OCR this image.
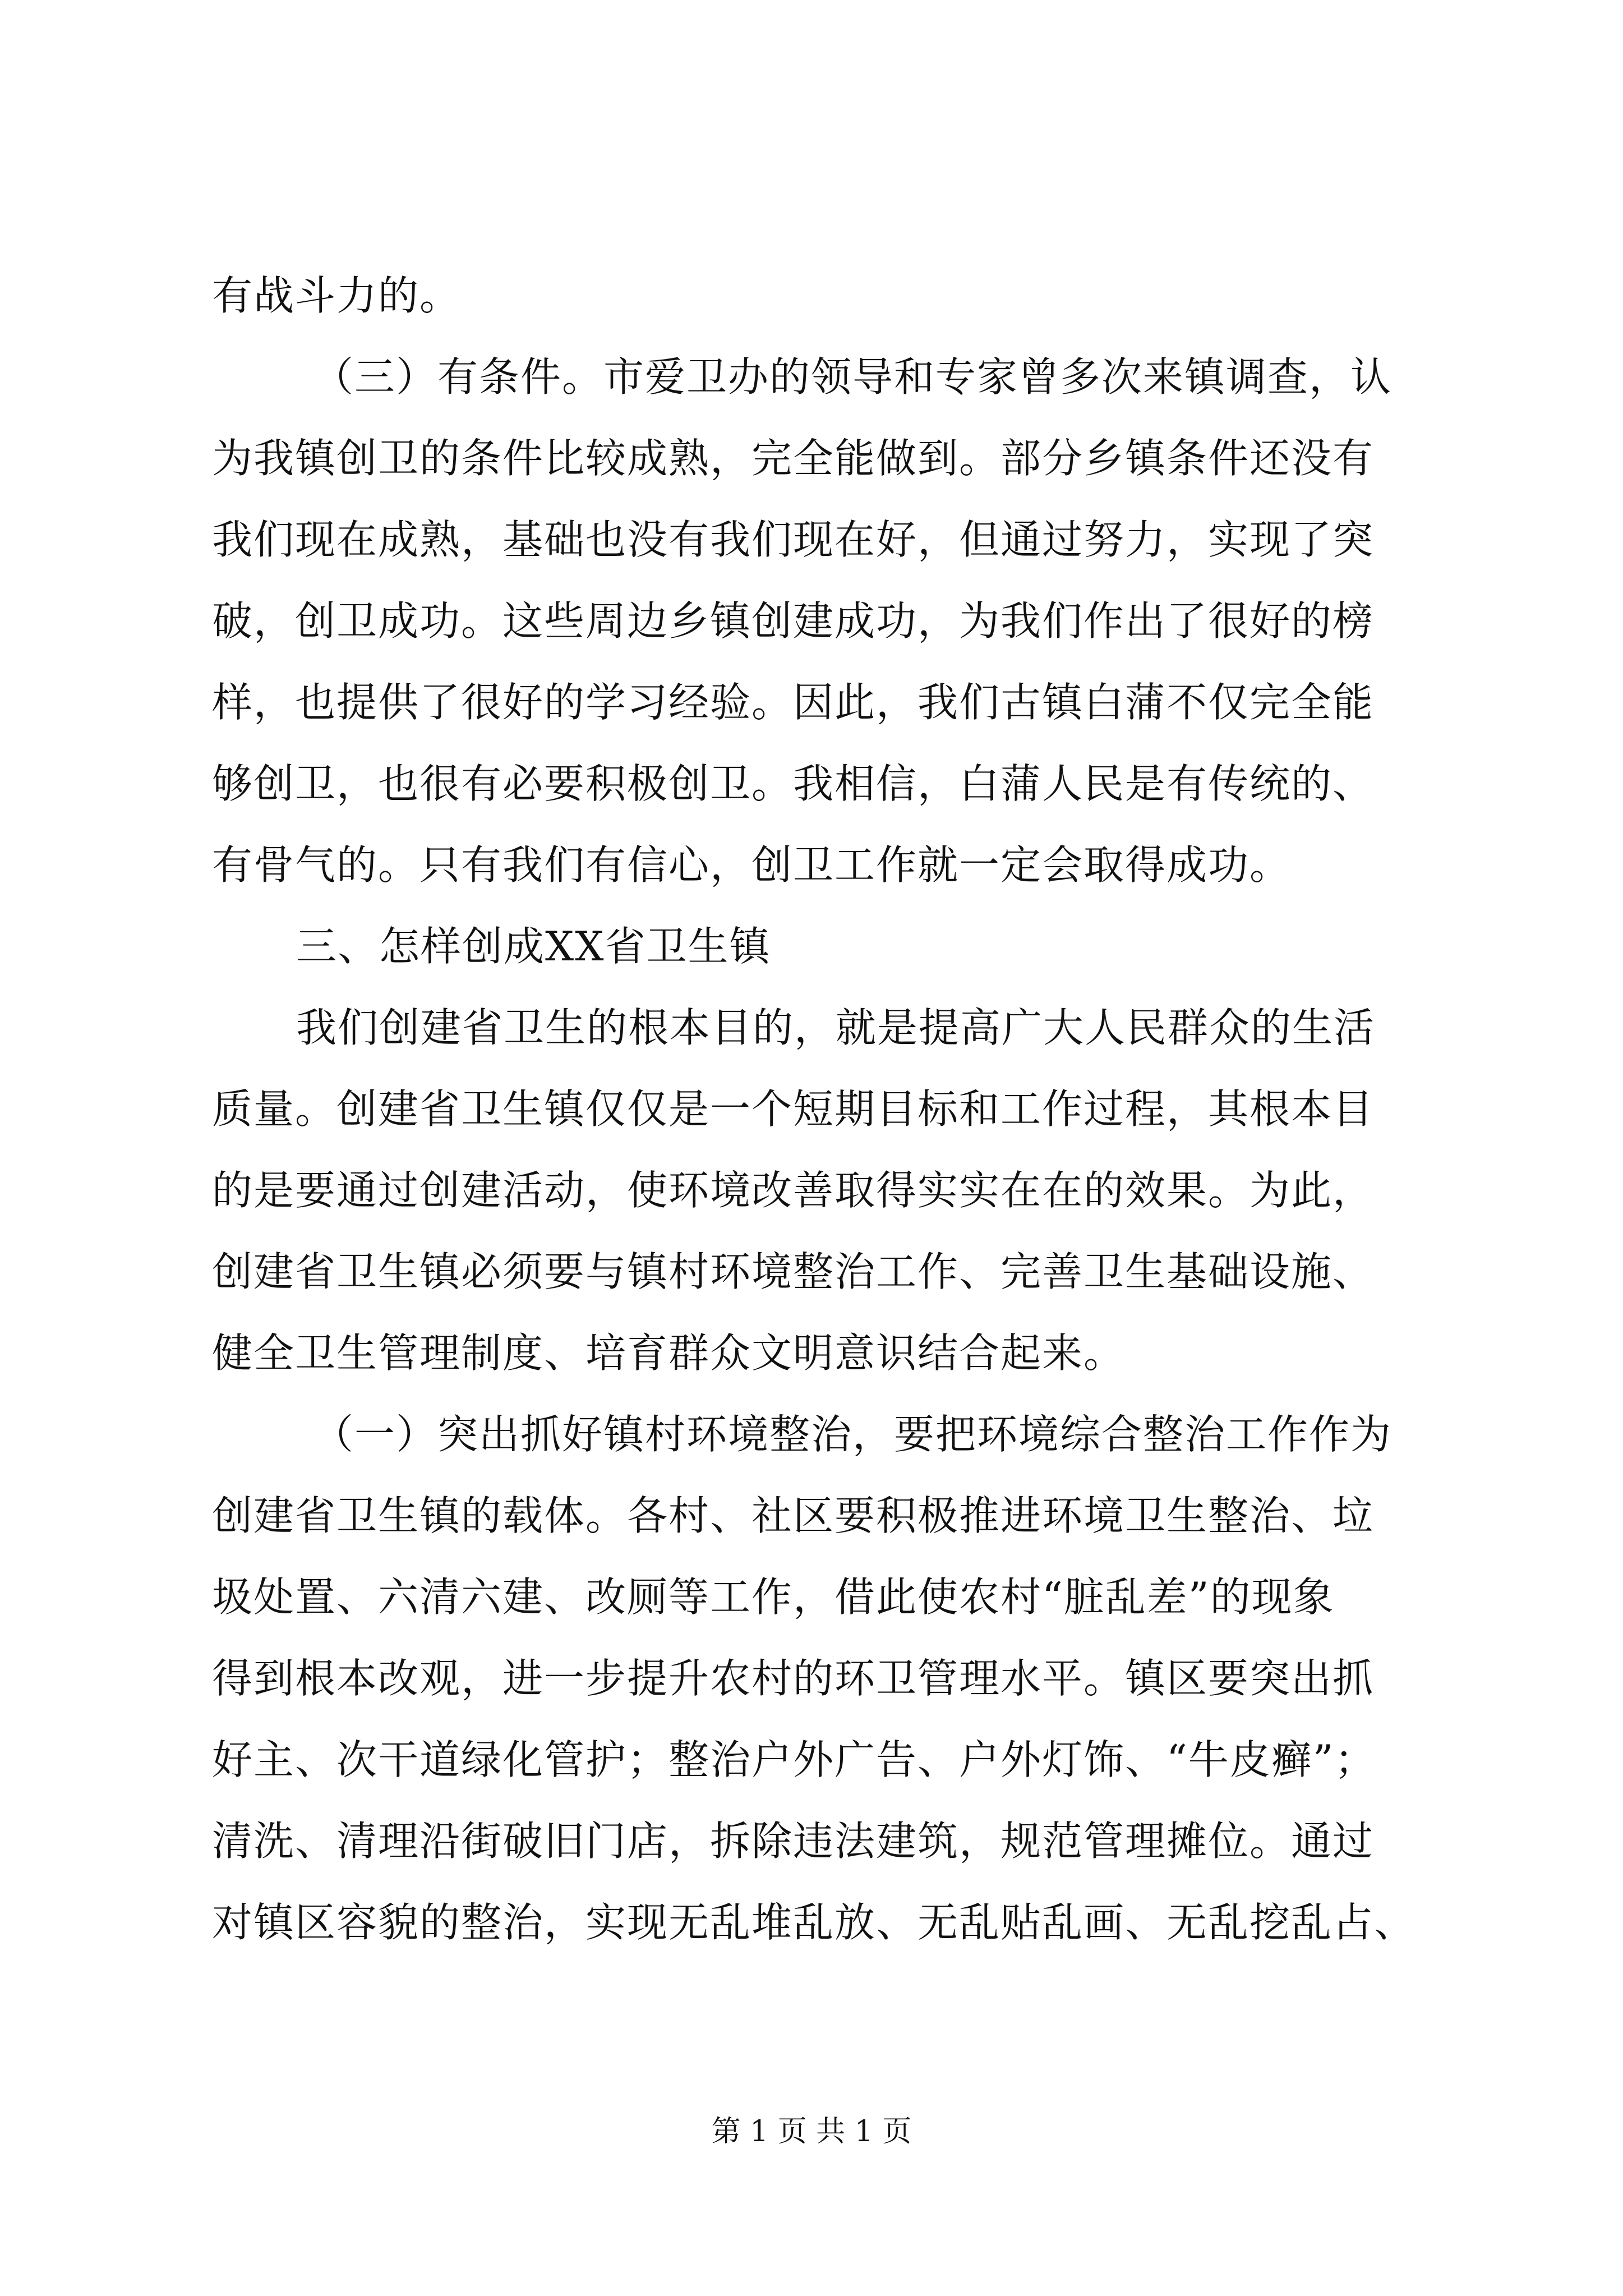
有战斗力的。
（三）有条件。市爱卫办的领导和专家曾多次来镇调查，认
为我镇创卫的条件比较成熟，完全能做到。部分乡镇条件还没有
我们现在成熟，基础也没有我们现在好，但通过努力，实现了突
破，创卫成功。这些周边乡镇创建成功，为我们作出了很好的榜
样，也提供了很好的学习经验。因此，我们古镇白蒲不仅完全能
够创卫，也很有必要积极创卫。我相信，白蒲人民是有传统的、
有骨气的。只有我们有信心，创卫工作就一定会取得成功。
三、怎样创成XX省卫生镇
我们创建省卫生的根本目的，就是提高广大人民群众的生活
质量。创建省卫生镇仅仅是一个短期目标和工作过程，其根本目
的是要通过创建活动，使环境改善取得实实在在的效果。为此，
创建省卫生镇必须要与镇村环境整治工作、完善卫生基础设施、
健全卫生管理制度、培育群众文明意识结合起来。
（一）突出抓好镇村环境整治，要把环境综合整治工作作为
创建省卫生镇的载体。各村、社区要积极推进环境卫生整治、垃
圾处置、六清六建、改厕等工作，借此使农村“脏乱差”的现象
得到根本改观，进一步提升农村的环卫管理水平。镇区要突出抓
好主、次干道绿化管护；整治户外广告、户外灯饰、“牛皮癣”；
清洗、清理沿街破旧门店，拆除违法建筑，规范管理摊位。通过
对镇区容貌的整治，实现无乱堆乱放、无乱贴乱画、无乱挖乱占、
第 1 页 共 1 页
